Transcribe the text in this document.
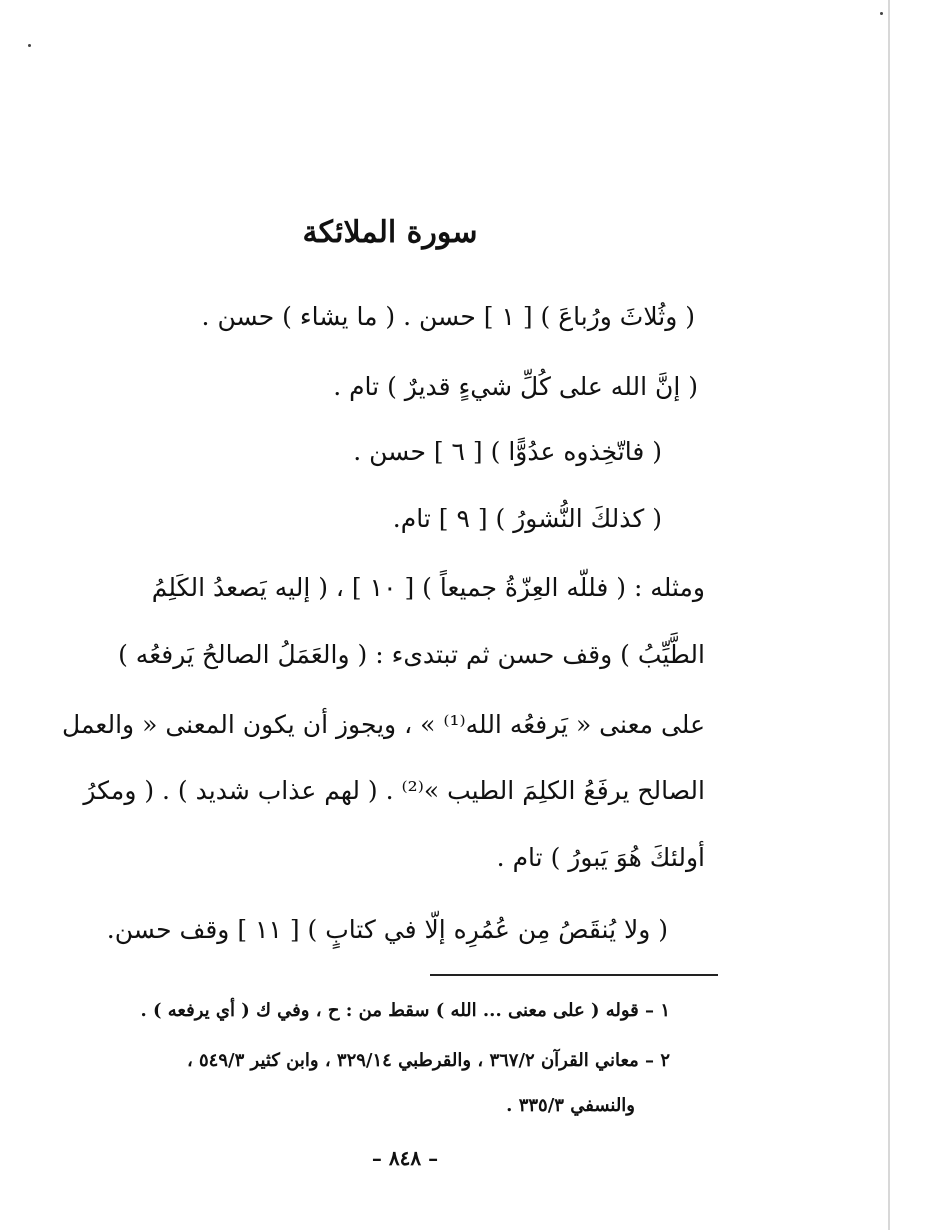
سورة الملائكة
( وثُلاثَ ورُباعَ ) [ ١ ] حسن . ( ما يشاء ) حسن .
( إنَّ الله على كُلِّ شيءٍ قديرٌ ) تام .
( فاتّخِذوه عدُوًّا ) [ ٦ ] حسن .
( كذلكَ النُّشورُ ) [ ٩ ] تام.
ومثله : ( فللّه العِزّةُ جميعاً ) [ ١٠ ] ، ( إليه يَصعدُ الكَلِمُ
الطَّيِّبُ ) وقف حسن ثم تبتدىء : ( والعَمَلُ الصالحُ يَرفعُه )
على معنى « يَرفعُه الله⁽¹⁾ » ، ويجوز أن يكون المعنى « والعمل
الصالح يرفَعُ الكلِمَ الطيب »⁽²⁾ . ( لهم عذاب شديد ) . ( ومكرُ
أولئكَ هُوَ يَبورُ ) تام .
( ولا يُنقَصُ مِن عُمُرِه إلّا في كتابٍ ) [ ١١ ] وقف حسن.
١ – قوله ( على معنى ... الله ) سقط من : ح ، وفي ك ( أي يرفعه ) .
٢ – معاني القرآن ٣٦٧/٢ ، والقرطبي ٣٢٩/١٤ ، وابن كثير ٥٤٩/٣ ،
والنسفي ٣٣٥/٣ .
– ٨٤٨ –
